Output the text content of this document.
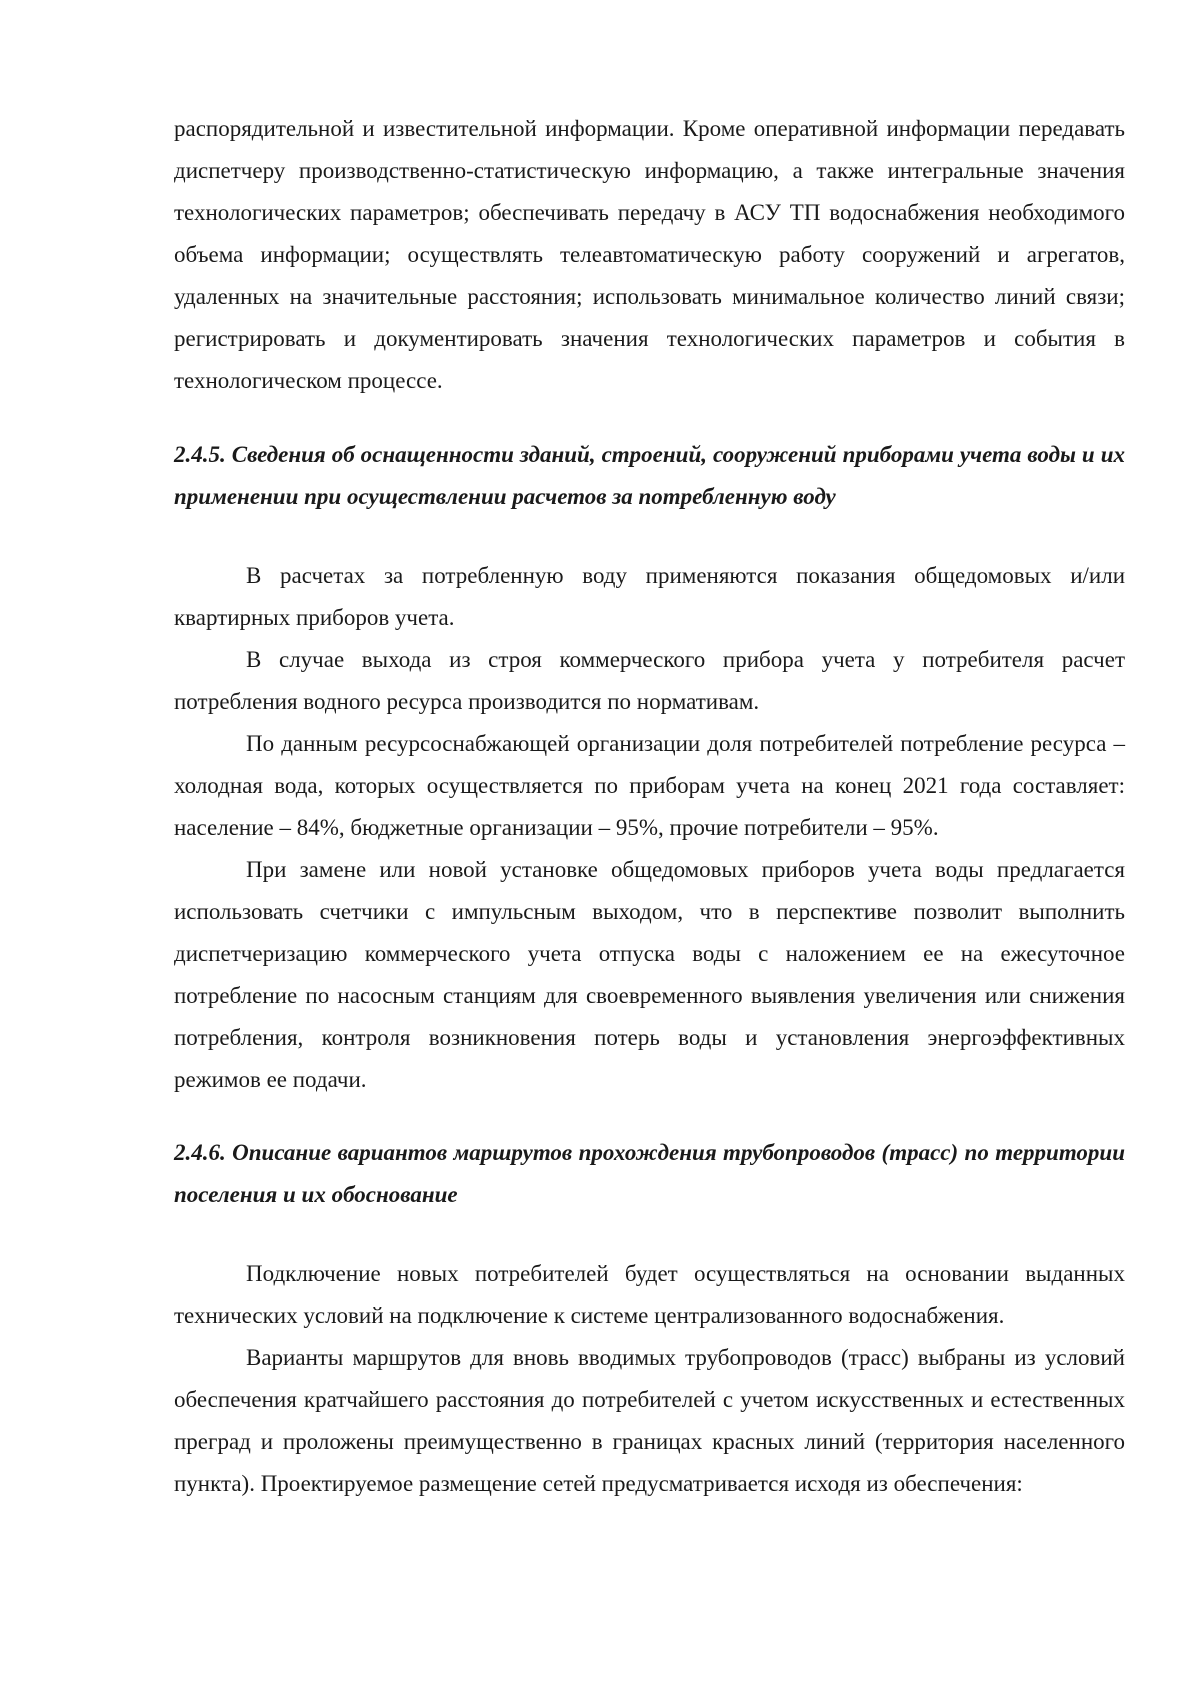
распорядительной и известительной информации. Кроме оперативной информации передавать диспетчеру производственно-статистическую информацию, а также интегральные значения технологических параметров; обеспечивать передачу в АСУ ТП водоснабжения необходимого объема информации; осуществлять телеавтоматическую работу сооружений и агрегатов, удаленных на значительные расстояния; использовать минимальное количество линий связи; регистрировать и документировать значения технологических параметров и события в технологическом процессе.

2.4.5. Сведения об оснащенности зданий, строений, сооружений приборами учета воды и их применении при осуществлении расчетов за потребленную воду

В расчетах за потребленную воду применяются показания общедомовых и/или квартирных приборов учета.

В случае выхода из строя коммерческого прибора учета у потребителя расчет потребления водного ресурса производится по нормативам.

По данным ресурсоснабжающей организации доля потребителей потребление ресурса – холодная вода, которых осуществляется по приборам учета на конец 2021 года составляет: население – 84%, бюджетные организации – 95%, прочие потребители – 95%.

При замене или новой установке общедомовых приборов учета воды предлагается использовать счетчики с импульсным выходом, что в перспективе позволит выполнить диспетчеризацию коммерческого учета отпуска воды с наложением ее на ежесуточное потребление по насосным станциям для своевременного выявления увеличения или снижения потребления, контроля возникновения потерь воды и установления энергоэффективных режимов ее подачи.

2.4.6. Описание вариантов маршрутов прохождения трубопроводов (трасс) по территории поселения и их обоснование

Подключение новых потребителей будет осуществляться на основании выданных технических условий на подключение к системе централизованного водоснабжения.

Варианты маршрутов для вновь вводимых трубопроводов (трасс) выбраны из условий обеспечения кратчайшего расстояния до потребителей с учетом искусственных и естественных преград и проложены преимущественно в границах красных линий (территория населенного пункта). Проектируемое размещение сетей предусматривается исходя из обеспечения:
